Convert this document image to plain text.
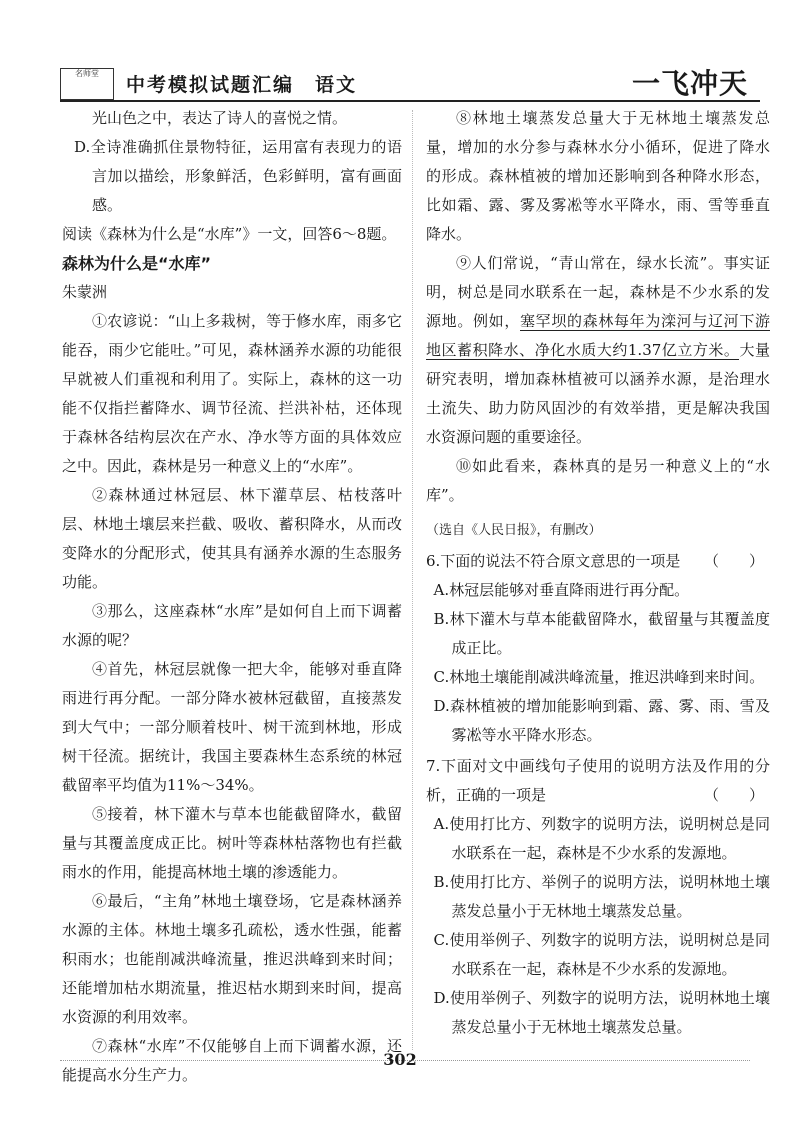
名师堂
中考模拟试题汇编　语文	一飞冲天

光山色之中，表达了诗人的喜悦之情。

D.全诗准确抓住景物特征，运用富有表现力的语言加以描绘，形象鲜活，色彩鲜明，富有画面感。

阅读《森林为什么是“水库”》一文，回答6～8题。

森林为什么是“水库”

朱蒙洲

①农谚说：“山上多栽树，等于修水库，雨多它能吞，雨少它能吐。”可见，森林涵养水源的功能很早就被人们重视和利用了。实际上，森林的这一功能不仅指拦蓄降水、调节径流、拦洪补枯，还体现于森林各结构层次在产水、净水等方面的具体效应之中。因此，森林是另一种意义上的“水库”。

②森林通过林冠层、林下灌草层、枯枝落叶层、林地土壤层来拦截、吸收、蓄积降水，从而改变降水的分配形式，使其具有涵养水源的生态服务功能。

③那么，这座森林“水库”是如何自上而下调蓄水源的呢？

④首先，林冠层就像一把大伞，能够对垂直降雨进行再分配。一部分降水被林冠截留，直接蒸发到大气中；一部分顺着枝叶、树干流到林地，形成树干径流。据统计，我国主要森林生态系统的林冠截留率平均值为11%～34%。

⑤接着，林下灌木与草本也能截留降水，截留量与其覆盖度成正比。树叶等森林枯落物也有拦截雨水的作用，能提高林地土壤的渗透能力。

⑥最后，“主角”林地土壤登场，它是森林涵养水源的主体。林地土壤多孔疏松，透水性强，能蓄积雨水；也能削减洪峰流量，推迟洪峰到来时间；还能增加枯水期流量，推迟枯水期到来时间，提高水资源的利用效率。

⑦森林“水库”不仅能够自上而下调蓄水源，还能提高水分生产力。

⑧林地土壤蒸发总量大于无林地土壤蒸发总量，增加的水分参与森林水分小循环，促进了降水的形成。森林植被的增加还影响到各种降水形态，比如霜、露、雾及雾凇等水平降水，雨、雪等垂直降水。

⑨人们常说，“青山常在，绿水长流”。事实证明，树总是同水联系在一起，森林是不少水系的发源地。例如，塞罕坝的森林每年为滦河与辽河下游地区蓄积降水、净化水质大约1.37亿立方米。大量研究表明，增加森林植被可以涵养水源，是治理水土流失、助力防风固沙的有效举措，更是解决我国水资源问题的重要途径。

⑩如此看来，森林真的是另一种意义上的“水库”。

（选自《人民日报》，有删改）

6.下面的说法不符合原文意思的一项是 （　　）

A.林冠层能够对垂直降雨进行再分配。

B.林下灌木与草本能截留降水，截留量与其覆盖度成正比。

C.林地土壤能削减洪峰流量，推迟洪峰到来时间。

D.森林植被的增加能影响到霜、露、雾、雨、雪及雾凇等水平降水形态。

7.下面对文中画线句子使用的说明方法及作用的分析，正确的一项是	（　　）

A.使用打比方、列数字的说明方法，说明树总是同水联系在一起，森林是不少水系的发源地。

B.使用打比方、举例子的说明方法，说明林地土壤蒸发总量小于无林地土壤蒸发总量。

C.使用举例子、列数字的说明方法，说明树总是同水联系在一起，森林是不少水系的发源地。

D.使用举例子、列数字的说明方法，说明林地土壤蒸发总量小于无林地土壤蒸发总量。

302
